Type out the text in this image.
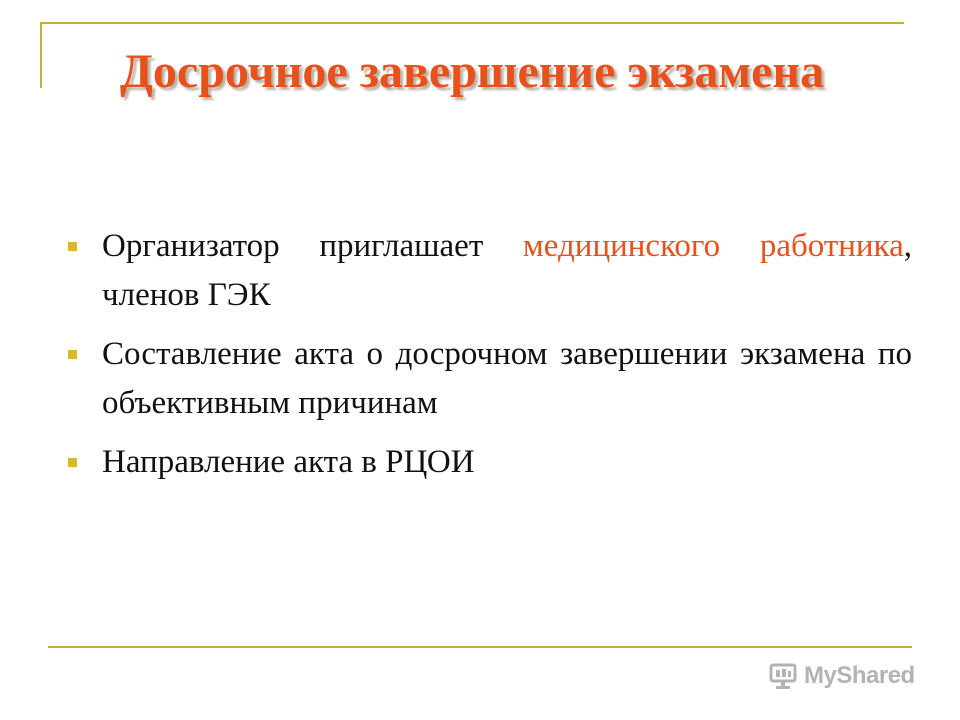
Досрочное завершение экзамена
Организатор приглашает медицинского работника, членов ГЭК
Составление акта о досрочном завершении экзамена по объективным причинам
Направление акта в РЦОИ
MyShared
